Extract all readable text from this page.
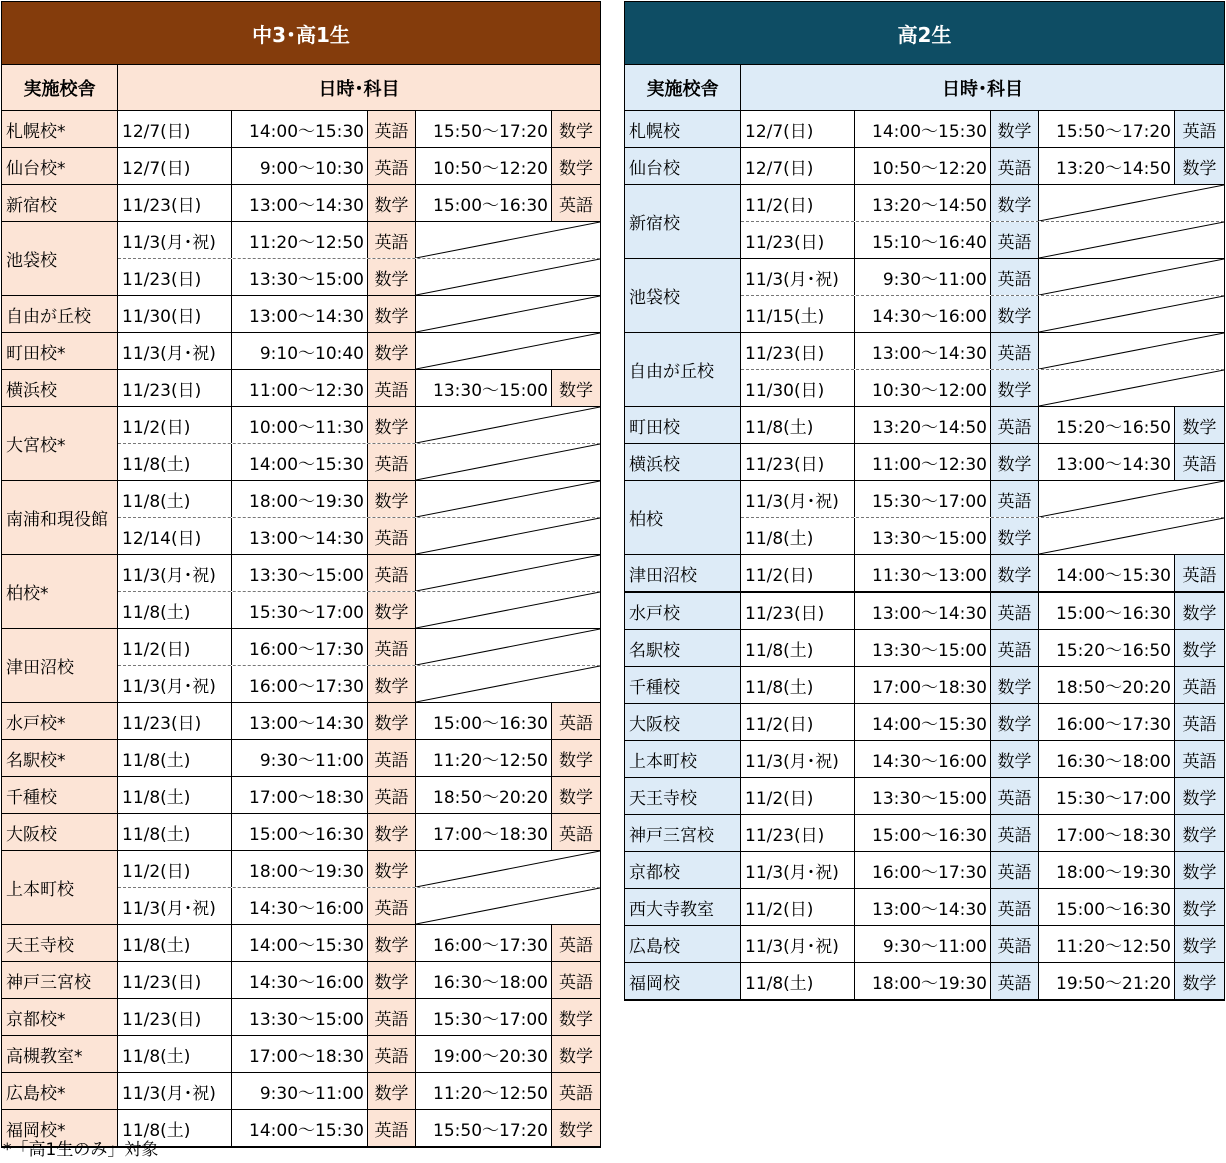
中3･高1生
実施校舎	日時･科目
札幌校*	12/7(日)	14:00～15:30 英語	15:50～17:20 数学
仙台校*	12/7(日)	9:00～10:30 英語	10:50～12:20 数学
新宿校	11/23(日)	13:00～14:30 数学	15:00～16:30 英語
池袋校
11/3(月･祝)	11:20～12:50 英語
11/23(日)	13:30～15:00 数学
自由が丘校	11/30(日)	13:00～14:30 数学
町田校*	11/3(月･祝)	9:10～10:40 数学
横浜校	11/23(日)	11:00～12:30 英語	13:30～15:00 数学
大宮校*
11/2(日)	10:00～11:30 数学
11/8(土)	14:00～15:30 英語
南浦和現役館
11/8(土)	18:00～19:30 数学
12/14(日)	13:00～14:30 英語
柏校*
11/3(月･祝)	13:30～15:00 英語
11/8(土)	15:30～17:00 数学
津田沼校
11/2(日)	16:00～17:30 英語
11/3(月･祝)	16:00～17:30 数学
水戸校*	11/23(日)	13:00～14:30 数学	15:00～16:30 英語
名駅校*	11/8(土)	9:30～11:00 英語	11:20～12:50 数学
千種校	11/8(土)	17:00～18:30 英語	18:50～20:20 数学
大阪校	11/8(土)	15:00～16:30 数学	17:00～18:30 英語
上本町校
11/2(日)	18:00～19:30 数学
11/3(月･祝)	14:30～16:00 英語
天王寺校	11/8(土)	14:00～15:30 数学	16:00～17:30 英語
神戸三宮校	11/23(日)	14:30～16:00 数学	16:30～18:00 英語
京都校*	11/23(日)	13:30～15:00 英語	15:30～17:00 数学
高槻教室*	11/8(土)	17:00～18:30 英語	19:00～20:30 数学
広島校*	11/3(月･祝)	9:30～11:00 数学	11:20～12:50 英語
福岡校*	11/8(土)	14:00～15:30 英語	15:50～17:20 数学
高2生
実施校舎	日時･科目
札幌校	12/7(日)	14:00～15:30 数学	15:50～17:20 英語
仙台校	12/7(日)	10:50～12:20 英語	13:20～14:50 数学
新宿校
11/2(日)	13:20～14:50 数学
11/23(日)	15:10～16:40 英語
池袋校
11/3(月･祝)	9:30～11:00 英語
11/15(土)	14:30～16:00 数学
自由が丘校
11/23(日)	13:00～14:30 英語
11/30(日)	10:30～12:00 数学
町田校	11/8(土)	13:20～14:50 英語	15:20～16:50 数学
横浜校	11/23(日)	11:00～12:30 数学	13:00～14:30 英語
柏校
11/3(月･祝)	15:30～17:00 英語
11/8(土)	13:30～15:00 数学
津田沼校	11/2(日)	11:30～13:00 数学	14:00～15:30 英語
水戸校	11/23(日)	13:00～14:30 英語	15:00～16:30 数学
名駅校	11/8(土)	13:30～15:00 英語	15:20～16:50 数学
千種校	11/8(土)	17:00～18:30 数学	18:50～20:20 英語
大阪校	11/2(日)	14:00～15:30 数学	16:00～17:30 英語
上本町校	11/3(月･祝)	14:30～16:00 数学	16:30～18:00 英語
天王寺校	11/2(日)	13:30～15:00 英語	15:30～17:00 数学
神戸三宮校	11/23(日)	15:00～16:30 英語	17:00～18:30 数学
京都校	11/3(月･祝)	16:00～17:30 英語	18:00～19:30 数学
西大寺教室	11/2(日)	13:00～14:30 英語	15:00～16:30 数学
広島校	11/3(月･祝)	9:30～11:00 英語	11:20～12:50 数学
福岡校	11/8(土)	18:00～19:30 英語	19:50～21:20 数学
*「高1生のみ」対象
